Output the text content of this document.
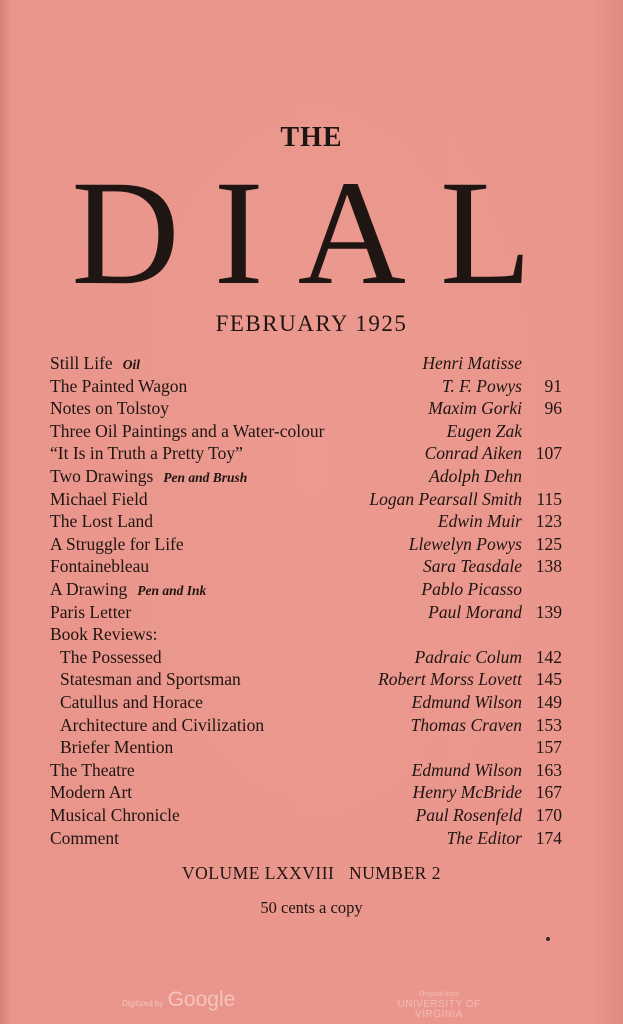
THE
DIAL
FEBRUARY 1925
Still Life Oil	Henri Matisse
The Painted Wagon	T. F. Powys 91
Notes on Tolstoy	Maxim Gorki 96
Three Oil Paintings and a Water-colour	Eugen Zak
“It Is in Truth a Pretty Toy”	Conrad Aiken 107
Two Drawings Pen and Brush	Adolph Dehn
Michael Field	Logan Pearsall Smith 115
The Lost Land	Edwin Muir 123
A Struggle for Life	Llewelyn Powys 125
Fontainebleau	Sara Teasdale 138
A Drawing Pen and Ink	Pablo Picasso
Paris Letter	Paul Morand 139
Book Reviews:
The Possessed	Padraic Colum 142
Statesman and Sportsman	Robert Morss Lovett 145
Catullus and Horace	Edmund Wilson 149
Architecture and Civilization	Thomas Craven 153
Briefer Mention	157
The Theatre	Edmund Wilson 163
Modern Art	Henry McBride 167
Musical Chronicle	Paul Rosenfeld 170
Comment	The Editor 174
VOLUME LXXVIII   NUMBER 2
50 cents a copy
Digitized by Google	Original from
UNIVERSITY OF VIRGINIA
